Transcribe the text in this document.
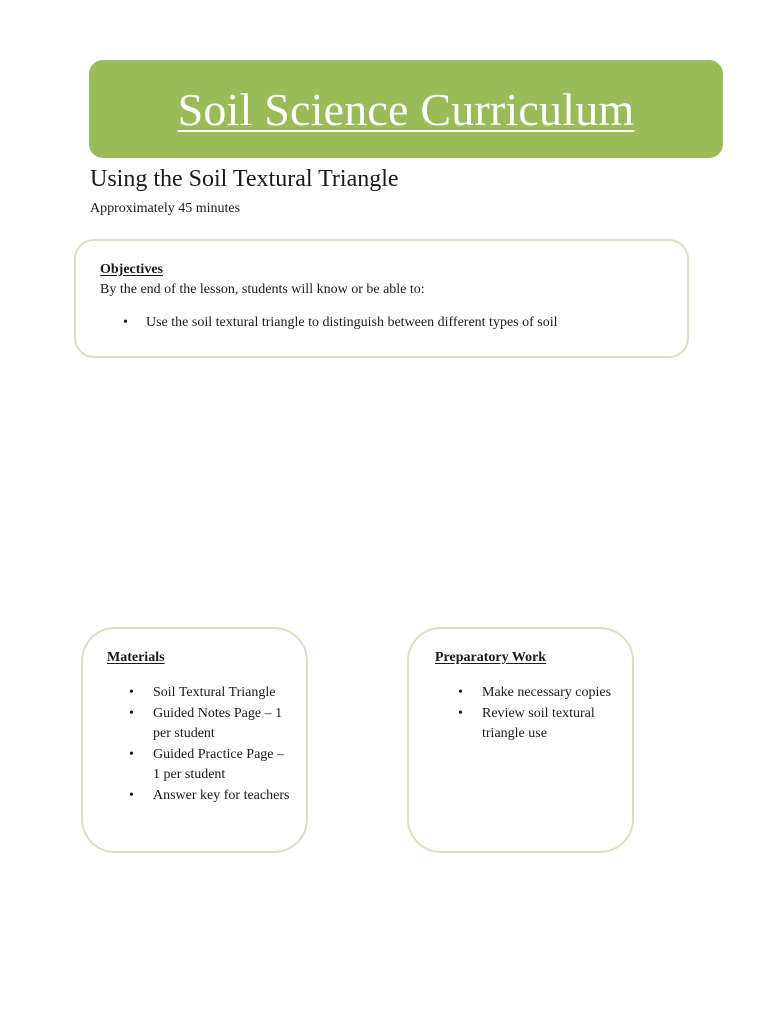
Soil Science Curriculum
Using the Soil Textural Triangle
Approximately 45 minutes

Objectives

By the end of the lesson, students will know or be able to:

• Use the soil textural triangle to distinguish between different types of soil

Materials

• Soil Textural Triangle
• Guided Notes Page – 1 per student
• Guided Practice Page – 1 per student
• Answer key for teachers

Preparatory Work

• Make necessary copies
• Review soil textural triangle use
